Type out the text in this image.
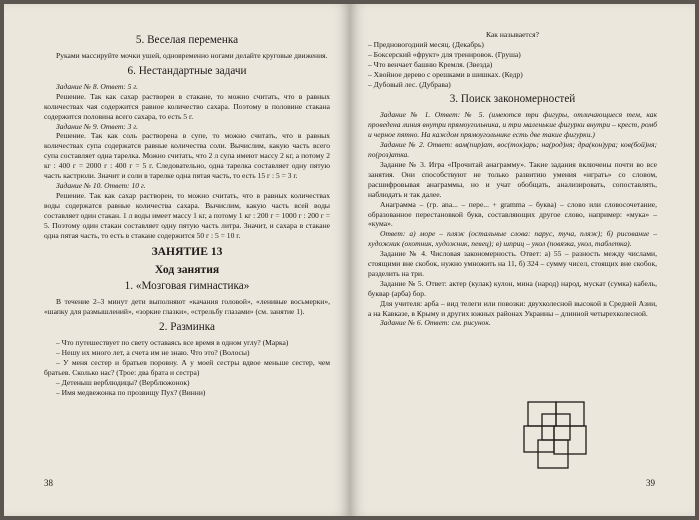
5. Веселая переменка

Руками массируйте мочки ушей, одновременно ногами делайте круговые движения.

6. Нестандартные задачи

Задание № 8. Ответ: 5 г.

Решение. Так как сахар растворен в стакане, то можно считать, что в равных количествах чая содержится равное количество сахара. Поэтому в половине стакана содержится половина всего сахара, то есть 5 г.

Задание № 9. Ответ: 3 г.

Решение. Так как соль растворена в супе, то можно считать, что в равных количествах супа содержатся равные количества соли. Вычислим, какую часть всего супа составляет одна тарелка. Можно считать, что 2 л супа имеют массу 2 кг, а потому 2 кг : 400 г = 2000 г : 400 г = 5 г. Следовательно, одна тарелка составляет одну пятую часть кастрюли. Значит и соли в тарелке одна пятая часть, то есть 15 г : 5 = 3 г.

Задание № 10. Ответ: 10 г.

Решение. Так как сахар растворен, то можно считать, что в равных количествах воды содержатся равные количества сахара. Вычислим, какую часть всей воды составляет один стакан. 1 л воды имеет массу 1 кг, а потому 1 кг : 200 г = 1000 г : 200 г = 5. Поэтому один стакан составляет одну пятую часть литра. Значит, и сахара в стакане одна пятая часть, то есть в стакане содержится 50 г : 5 = 10 г.

ЗАНЯТИЕ 13
Ход занятия
1. «Мозговая гимнастика»

В течение 2–3 минут дети выполняют «качания головой», «ленивые восьмерки», «шапку для размышлений», «зоркие глазки», «стрельбу глазами» (см. занятие 1).

2. Разминка

– Что путешествует по свету оставаясь все время в одном углу? (Марка)

– Нешу их много лет, а счета им не знаю. Что это? (Волосы)

– У меня сестер и братьев поровну. А у моей сестры вдвое меньше сестер, чем братьев. Сколько нас? (Трое: два брата и сестра)

– Детеныш верблюдицы? (Верблюжонок)

– Имя медвежонка по прозвищу Пух? (Винни)

38

Как называется?

– Предновогодний месяц. (Декабрь)

– Боксерский «фрукт» для тренировок. (Груша)

– Что венчает башню Кремля. (Звезда)

– Хвойное дерево с орешками в шишках. (Кедр)

– Дубовый лес. (Дубрава)

3. Поиск закономерностей

Задание № 1. Ответ: № 5. (имеются три фигуры, отличающиеся тем, как проведена линия внутри прямоугольника, и три маленькие фигурки внутри – крест, ромб и черное пятно. На каждом прямоугольнике есть две такие фигурки.)

Задание № 2. Ответ: вам(пир)ат, вос(ток)арь; на(род)ня; дра(кон)ура; ков(бой)ня; по(роз)атка.

Задание № 3. Игра «Прочитай анаграмму». Такие задания включены почти во все занятия. Они способствуют не только развитию умения «играть» со словом, расшифровывая анаграммы, но и учат обобщать, анализировать, сопоставлять, наблюдать и так далее.

Анаграмма – (гр. ana... – пере... + gramma – буква) – слово или словосочетание, образованное перестановкой букв, составляющих другое слово, например: «мука» – «кума».

Ответ: а) море – пляж (остальные слова: парус, туча, пляж); б) рисование – художник (охотник, художник, певец); в) шприц – укол (повязка, укол, таблетка).

Задание № 4. Числовая закономерность. Ответ: а) 55 – разность между числами, стоящими вне скобок, нужно умножить на 11, б) 324 – сумму чисел, стоящих вне скобок, разделить на три.

Задание № 5. Ответ: актер (кулак) кулон, мина (народ) народ, мускат (сумка) кабель, буквар (арба) бор.

Для учителя: арба – вид телеги или повозки: двухколесной высокой в Средней Азии, а на Кавказе, в Крыму и других южных районах Украины – длинной четырехколесной.

Задание № 6. Ответ: см. рисунок.

39
